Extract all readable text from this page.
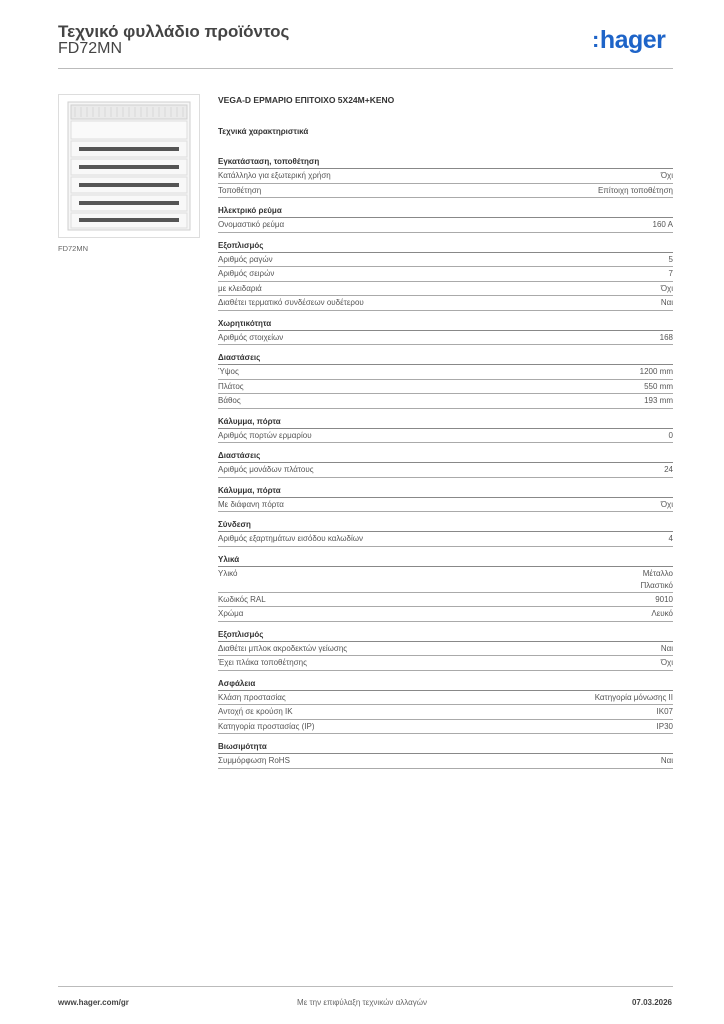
Τεχνικό φυλλάδιο προϊόντος
FD72MN	:hager
FD72MN
VEGA-D ΕΡΜΑΡΙΟ ΕΠΙΤΟΙΧΟ 5Χ24Μ+ΚΕΝΟ
Τεχνικά χαρακτηριστικά
Εγκατάσταση, τοποθέτηση
Κατάλληλο για εξωτερική χρήση	Όχι
Τοποθέτηση	Επίτοιχη τοποθέτηση
Ηλεκτρικό ρεύμα
Ονομαστικό ρεύμα	160 A
Εξοπλισμός
Αριθμός ραγών	5
Αριθμός σειρών	7
με κλειδαριά	Όχι
Διαθέτει τερματικό συνδέσεων ουδέτερου	Ναι
Χωρητικότητα
Αριθμός στοιχείων	168
Διαστάσεις
Ύψος	1200 mm
Πλάτος	550 mm
Βάθος	193 mm
Κάλυμμα, πόρτα
Αριθμός πορτών ερμαρίου	0
Διαστάσεις
Αριθμός μονάδων πλάτους	24
Κάλυμμα, πόρτα
Με διάφανη πόρτα	Όχι
Σύνδεση
Αριθμός εξαρτημάτων εισόδου καλωδίων	4
Υλικά
Υλικό	Μέταλλο
Πλαστικό
Κωδικός RAL	9010
Χρώμα	Λευκό
Εξοπλισμός
Διαθέτει μπλοκ ακροδεκτών γείωσης	Ναι
Έχει πλάκα τοποθέτησης	Όχι
Ασφάλεια
Κλάση προστασίας	Κατηγορία μόνωσης II
Αντοχή σε κρούση IK	IK07
Κατηγορία προστασίας (IP)	IP30
Βιωσιμότητα
Συμμόρφωση RoHS	Ναι
www.hager.com/gr	Με την επιφύλαξη τεχνικών αλλαγών	07.03.2026
